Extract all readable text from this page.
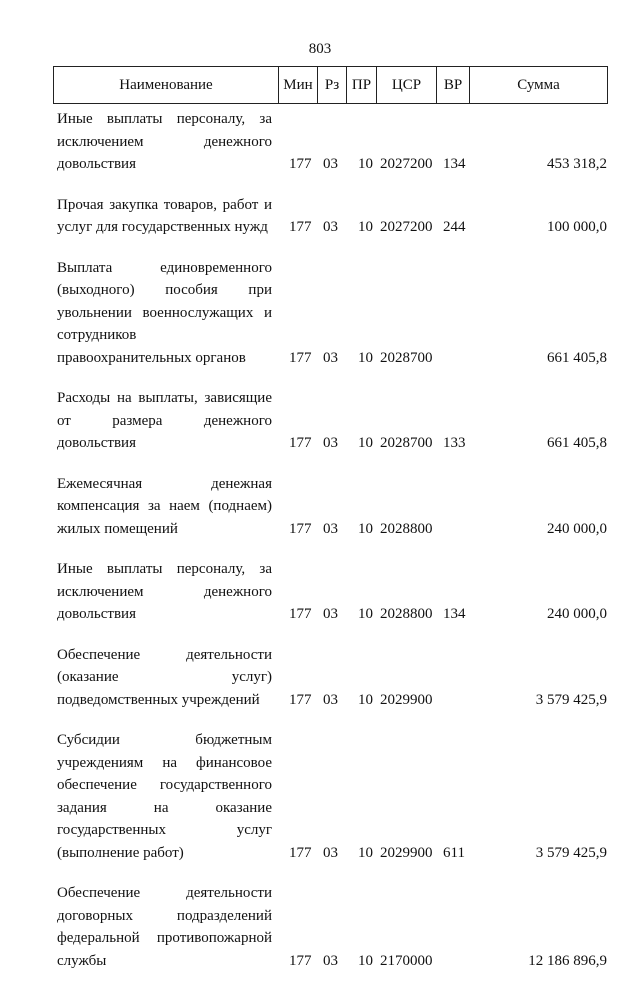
803
Наименование	Мин Рз ПР	ЦСР	ВР	Сумма
Иные выплаты персоналу, за
исключением денежного
довольствия	177 03 10 2027200 134	453 318,2
Прочая закупка товаров, работ и
услуг для государственных нужд 177 03 10 2027200 244	100 000,0
Выплата единовременного
(выходного) пособия при
увольнении военнослужащих и
сотрудников
правоохранительных органов	177 03 10 2028700	661 405,8
Расходы на выплаты, зависящие
от размера денежного
довольствия	177 03 10 2028700 133	661 405,8
Ежемесячная денежная
компенсация за наем (поднаем)
жилых помещений	177 03 10 2028800	240 000,0
Иные выплаты персоналу, за
исключением денежного
довольствия	177 03 10 2028800 134	240 000,0
Обеспечение деятельности
(оказание услуг)
подведомственных учреждений	177 03 10 2029900	3 579 425,9
Субсидии бюджетным
учреждениям на финансовое
обеспечение государственного
задания на оказание
государственных услуг
(выполнение работ)	177 03 10 2029900 611	3 579 425,9
Обеспечение деятельности
договорных подразделений
федеральной противопожарной
службы	177 03 10 2170000	12 186 896,9
